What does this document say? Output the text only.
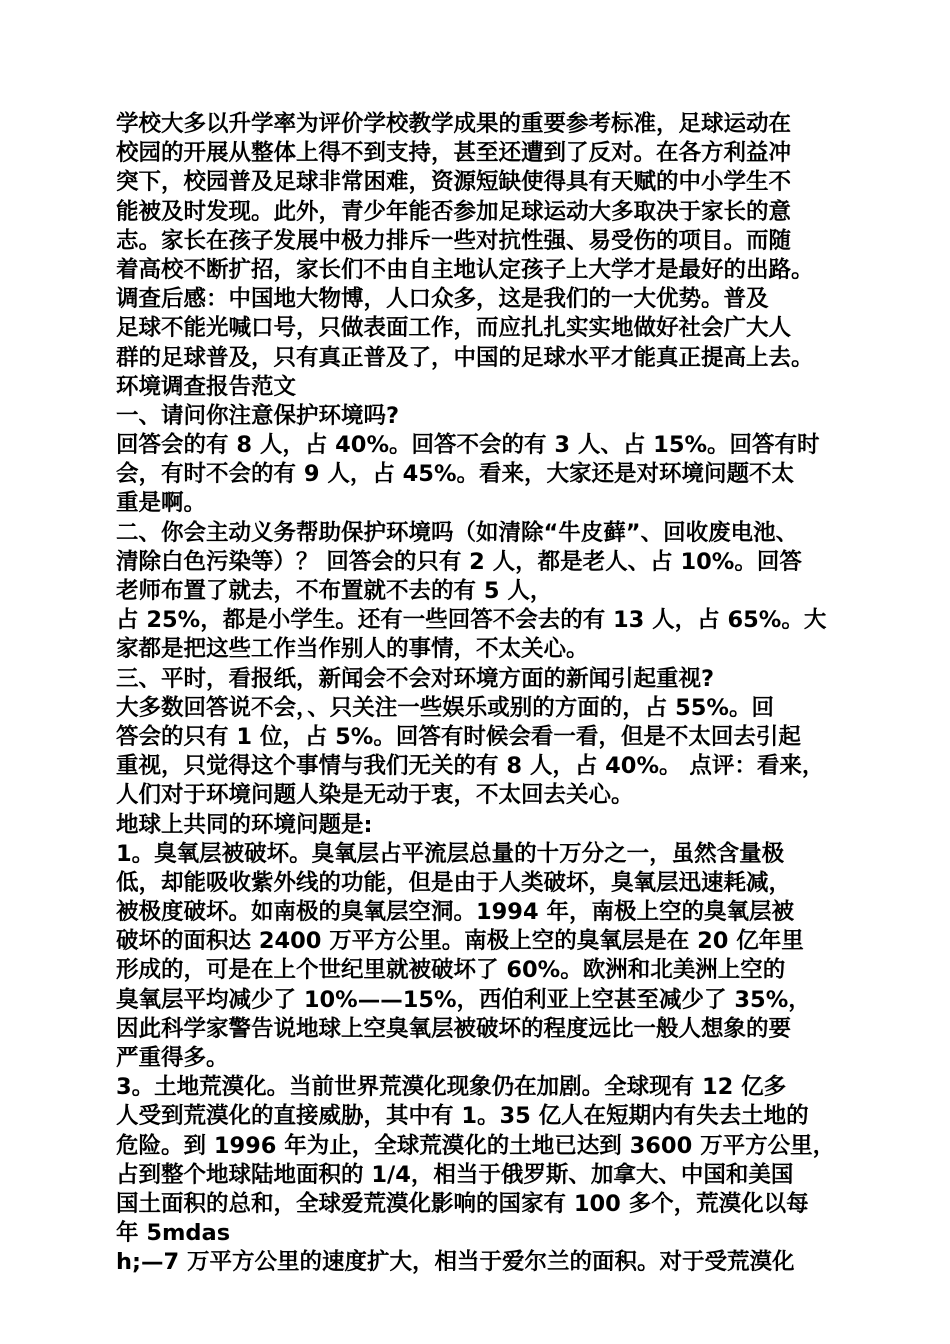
学校大多以升学率为评价学校教学成果的重要参考标准，足球运动在
校园的开展从整体上得不到支持，甚至还遭到了反对。在各方利益冲
突下，校园普及足球非常困难，资源短缺使得具有天赋的中小学生不
能被及时发现。此外，青少年能否参加足球运动大多取决于家长的意
志。家长在孩子发展中极力排斥一些对抗性强、易受伤的项目。而随
着高校不断扩招，家长们不由自主地认定孩子上大学才是最好的出路。
调查后感：中国地大物博，人口众多，这是我们的一大优势。普及
足球不能光喊口号，只做表面工作，而应扎扎实实地做好社会广大人
群的足球普及，只有真正普及了，中国的足球水平才能真正提高上去。
环境调查报告范文
一、请问你注意保护环境吗?
回答会的有 8 人，占 40%。回答不会的有 3 人、占 15%。回答有时
会，有时不会的有 9 人，占 45%。看来，大家还是对环境问题不太
重是啊。
二、你会主动义务帮助保护环境吗（如清除“牛皮藓”、回收废电池、
清除白色污染等）？ 回答会的只有 2 人，都是老人、占 10%。回答
老师布置了就去，不布置就不去的有 5 人，
占 25%，都是小学生。还有一些回答不会去的有 13 人，占 65%。大
家都是把这些工作当作别人的事情，不太关心。
三、平时，看报纸，新闻会不会对环境方面的新闻引起重视?
大多数回答说不会，、只关注一些娱乐或别的方面的，占 55%。回
答会的只有 1 位，占 5%。回答有时候会看一看，但是不太回去引起
重视，只觉得这个事情与我们无关的有 8 人，占 40%。 点评：看来，
人们对于环境问题人染是无动于衷，不太回去关心。
地球上共同的环境问题是:
1。臭氧层被破坏。臭氧层占平流层总量的十万分之一，虽然含量极
低，却能吸收紫外线的功能，但是由于人类破坏，臭氧层迅速耗减，
被极度破坏。如南极的臭氧层空洞。1994 年，南极上空的臭氧层被
破坏的面积达 2400 万平方公里。南极上空的臭氧层是在 20 亿年里
形成的，可是在上个世纪里就被破坏了 60%。欧洲和北美洲上空的
臭氧层平均减少了 10%——15%，西伯利亚上空甚至减少了 35%，
因此科学家警告说地球上空臭氧层被破坏的程度远比一般人想象的要
严重得多。
3。土地荒漠化。当前世界荒漠化现象仍在加剧。全球现有 12 亿多
人受到荒漠化的直接威胁，其中有 1。35 亿人在短期内有失去土地的
危险。到 1996 年为止，全球荒漠化的土地已达到 3600 万平方公里，
占到整个地球陆地面积的 1/4，相当于俄罗斯、加拿大、中国和美国
国土面积的总和，全球爱荒漠化影响的国家有 100 多个，荒漠化以每
年 5mdas
h;—7 万平方公里的速度扩大，相当于爱尔兰的面积。对于受荒漠化
